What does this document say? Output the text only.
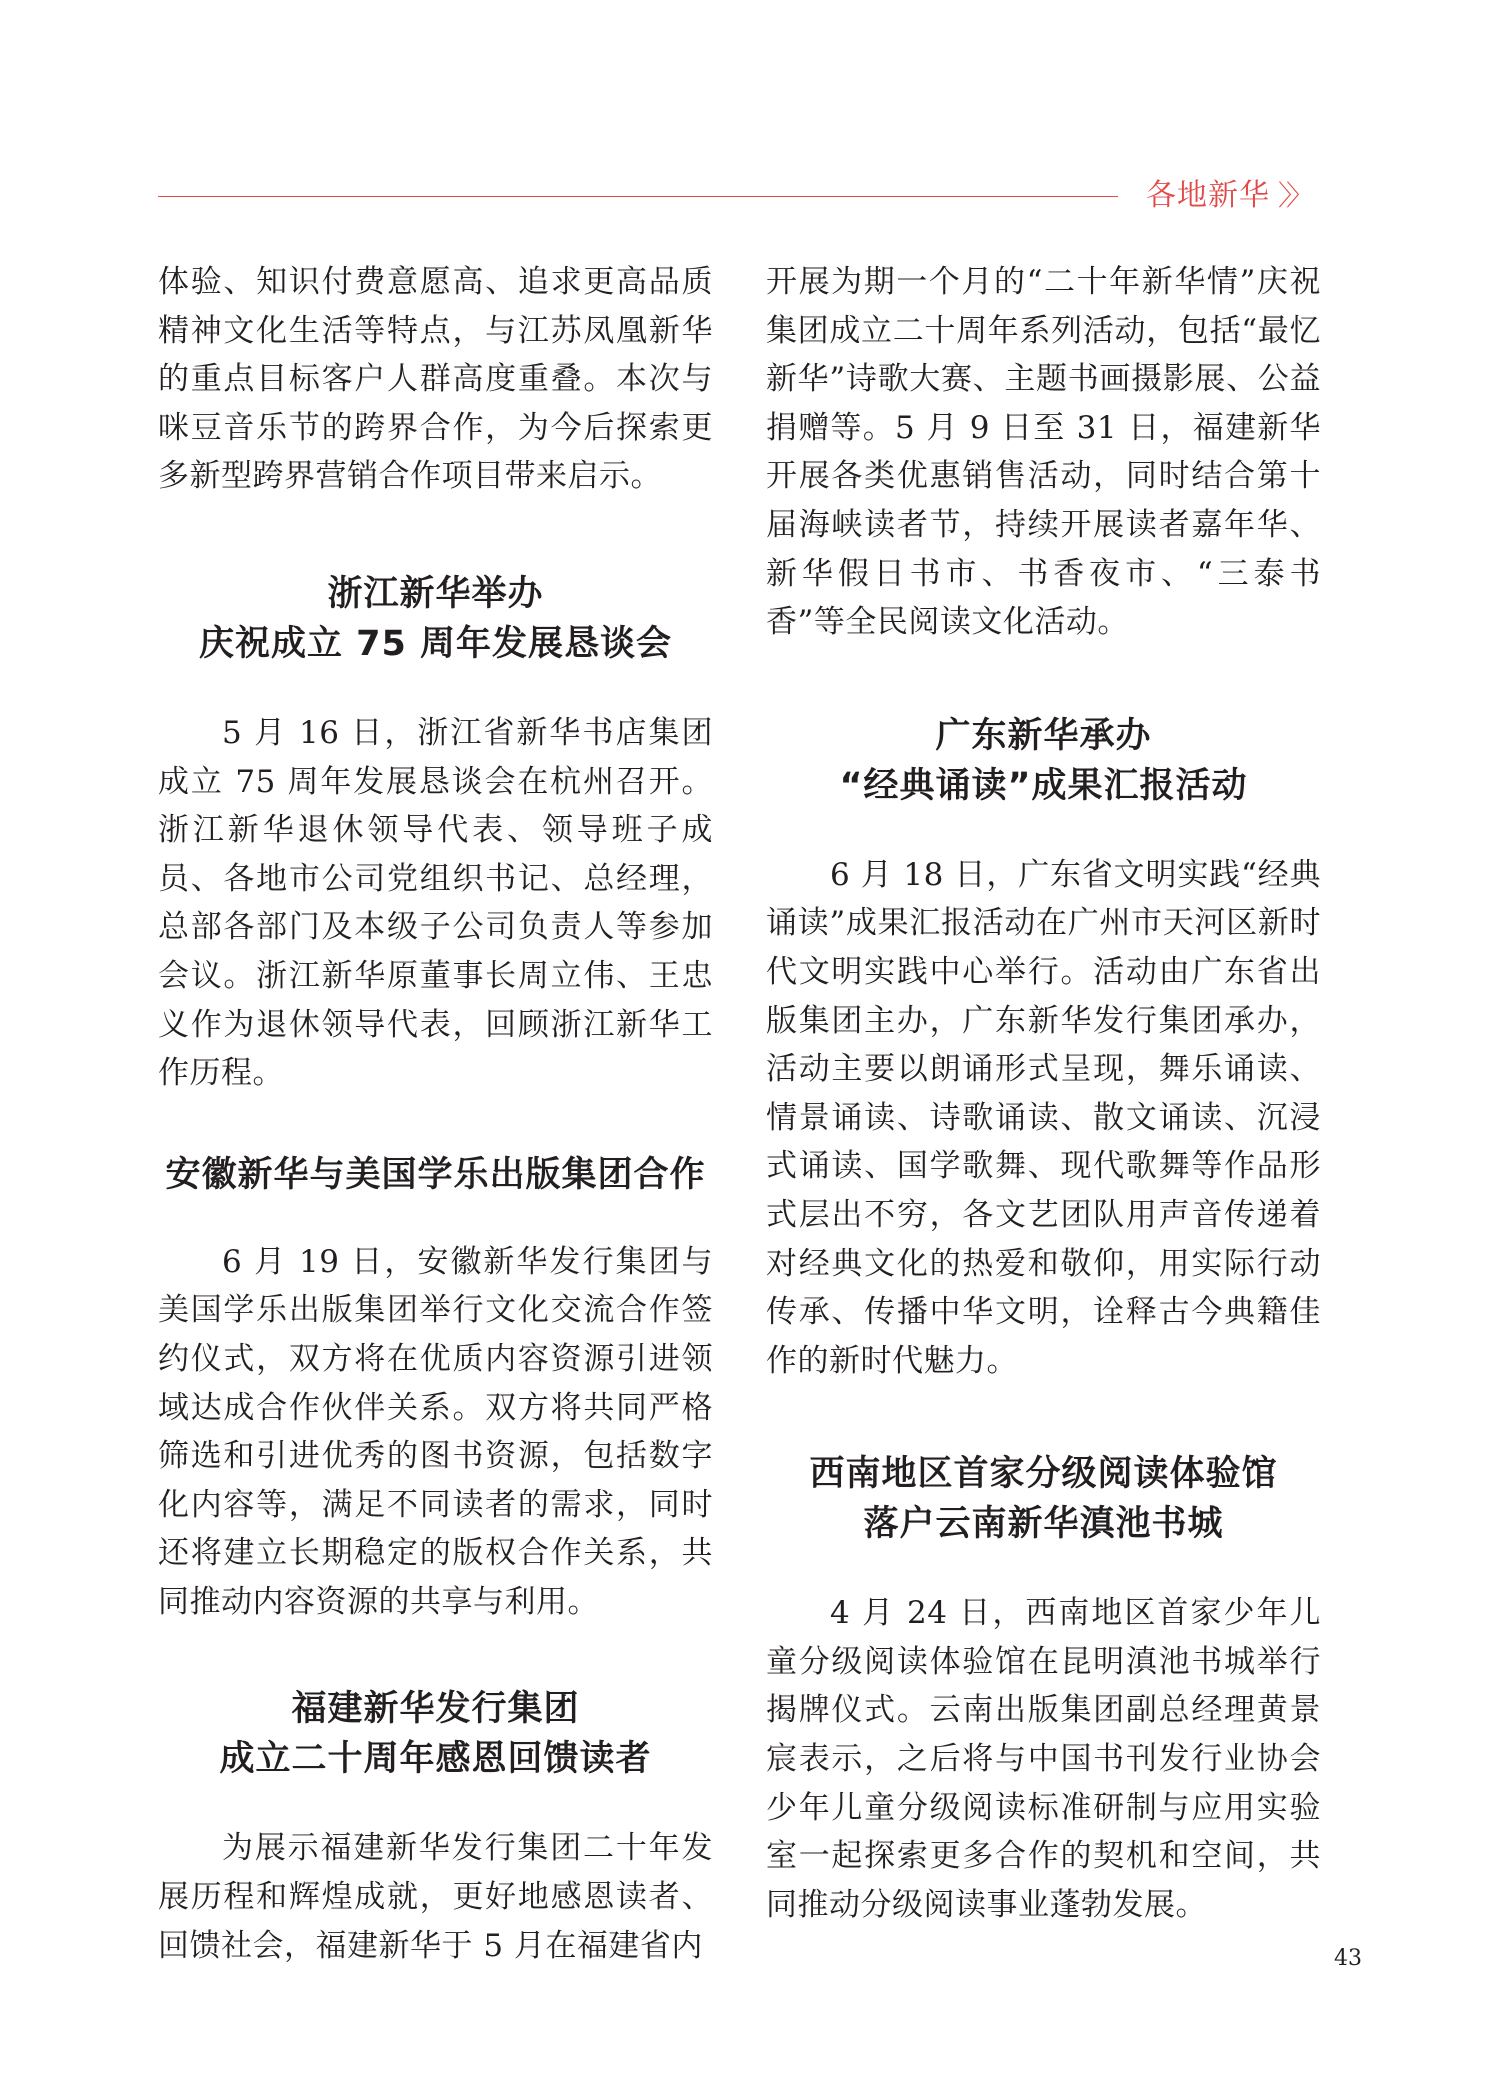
各地新华 〉〉

体验、知识付费意愿高、追求更高品质精神文化生活等特点，与江苏凤凰新华的重点目标客户人群高度重叠。本次与咪豆音乐节的跨界合作，为今后探索更多新型跨界营销合作项目带来启示。

浙江新华举办
庆祝成立 75 周年发展恳谈会

5 月 16 日，浙江省新华书店集团成立 75 周年发展恳谈会在杭州召开。浙江新华退休领导代表、领导班子成员、各地市公司党组织书记、总经理，总部各部门及本级子公司负责人等参加会议。浙江新华原董事长周立伟、王忠义作为退休领导代表，回顾浙江新华工作历程。

安徽新华与美国学乐出版集团合作

6 月 19 日，安徽新华发行集团与美国学乐出版集团举行文化交流合作签约仪式，双方将在优质内容资源引进领域达成合作伙伴关系。双方将共同严格筛选和引进优秀的图书资源，包括数字化内容等，满足不同读者的需求，同时还将建立长期稳定的版权合作关系，共同推动内容资源的共享与利用。

福建新华发行集团
成立二十周年感恩回馈读者

为展示福建新华发行集团二十年发展历程和辉煌成就，更好地感恩读者、回馈社会，福建新华于 5 月在福建省内

开展为期一个月的“二十年新华情”庆祝集团成立二十周年系列活动，包括“最忆新华”诗歌大赛、主题书画摄影展、公益捐赠等。5 月 9 日至 31 日，福建新华开展各类优惠销售活动，同时结合第十届海峡读者节，持续开展读者嘉年华、新华假日书市、书香夜市、“三泰书香”等全民阅读文化活动。

广东新华承办
“经典诵读”成果汇报活动

6 月 18 日，广东省文明实践“经典诵读”成果汇报活动在广州市天河区新时代文明实践中心举行。活动由广东省出版集团主办，广东新华发行集团承办，活动主要以朗诵形式呈现，舞乐诵读、情景诵读、诗歌诵读、散文诵读、沉浸式诵读、国学歌舞、现代歌舞等作品形式层出不穷，各文艺团队用声音传递着对经典文化的热爱和敬仰，用实际行动传承、传播中华文明，诠释古今典籍佳作的新时代魅力。

西南地区首家分级阅读体验馆
落户云南新华滇池书城

4 月 24 日，西南地区首家少年儿童分级阅读体验馆在昆明滇池书城举行揭牌仪式。云南出版集团副总经理黄景宸表示，之后将与中国书刊发行业协会少年儿童分级阅读标准研制与应用实验室一起探索更多合作的契机和空间，共同推动分级阅读事业蓬勃发展。

43
